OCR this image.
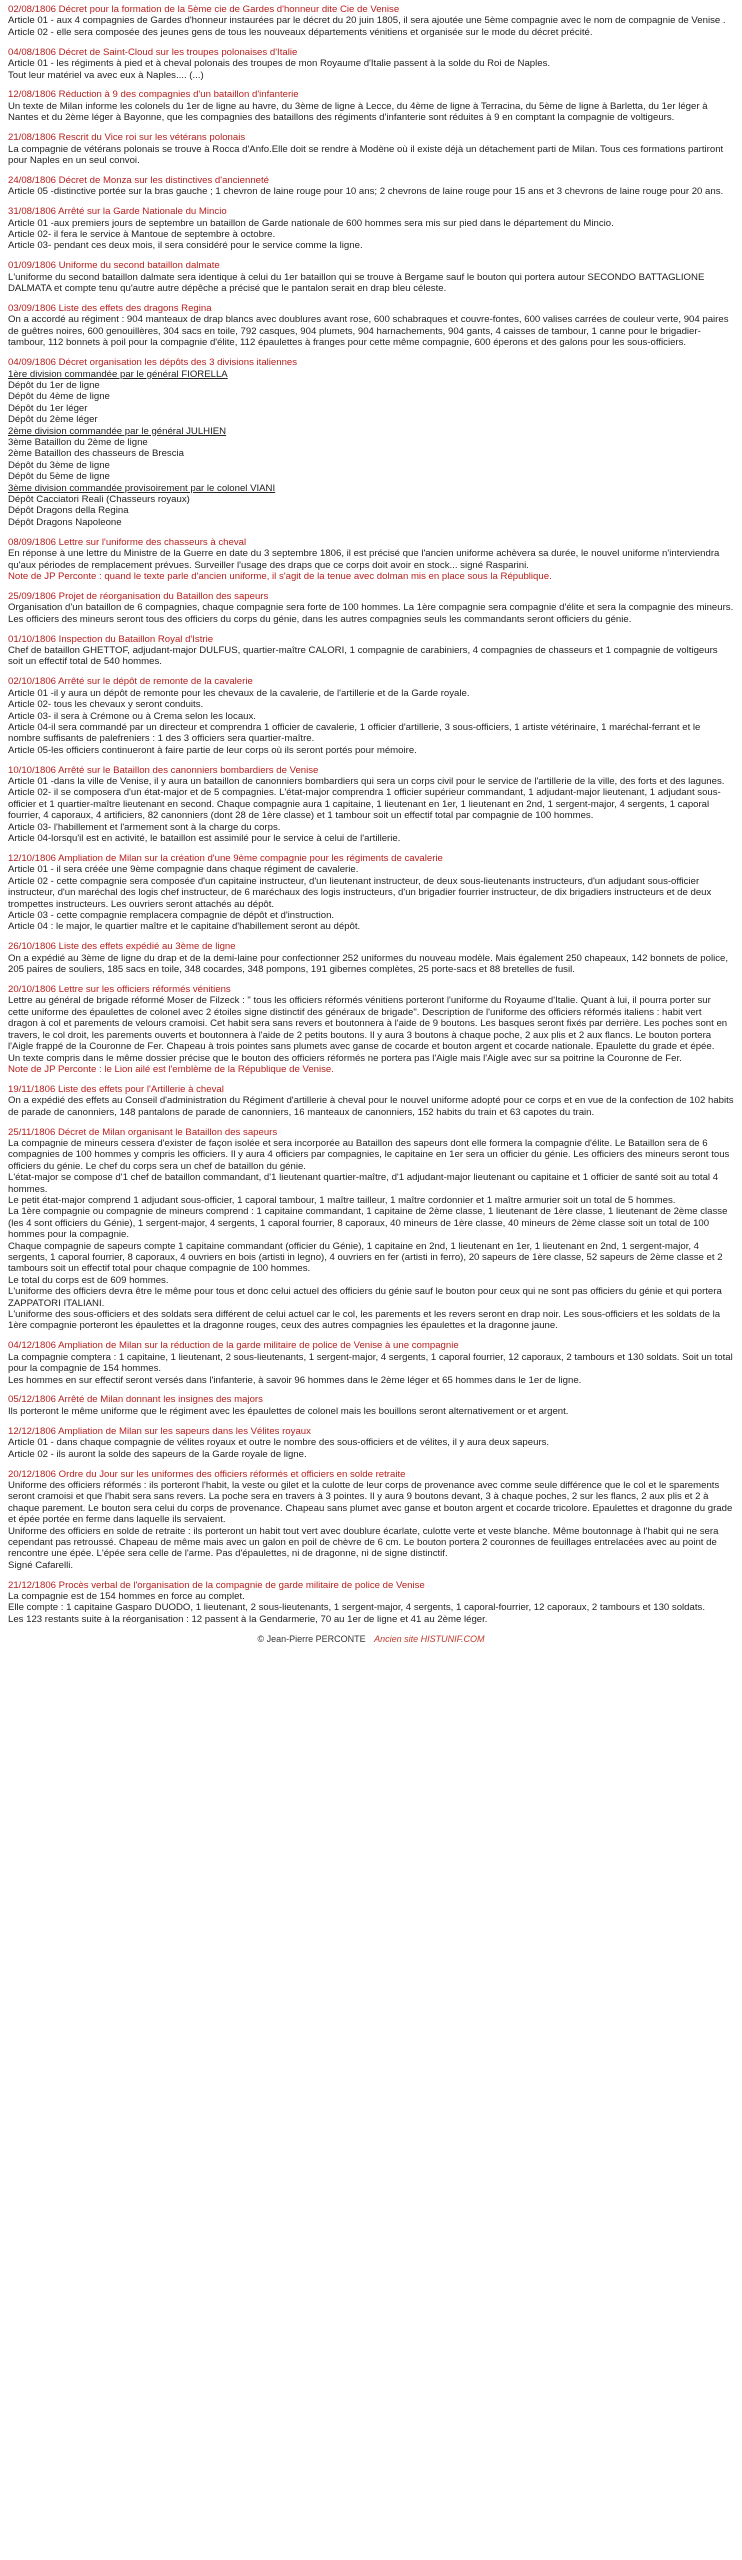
02/08/1806 Décret pour la formation de la 5ème cie de Gardes d'honneur dite Cie de Venise
Article 01 - aux 4 compagnies de Gardes d'honneur instaurées par le décret du 20 juin 1805, il sera ajoutée une 5ème compagnie avec le nom de compagnie de Venise .
Article 02 - elle sera composée des jeunes gens de tous les nouveaux départements vénitiens et organisée sur le mode du décret précité.
04/08/1806 Décret de Saint-Cloud sur les troupes polonaises d'Italie
Article 01 - les régiments à pied et à cheval polonais des troupes de mon Royaume d'Italie passent à la solde du Roi de Naples.
Tout leur matériel va avec eux à Naples.... (...)
12/08/1806 Réduction à 9 des compagnies d'un bataillon d'infanterie
Un texte de Milan informe les colonels du 1er de ligne au havre, du 3ème de ligne à Lecce, du 4ème de ligne à Terracina, du 5ème de ligne à Barletta, du 1er léger à Nantes et du 2ème léger à Bayonne, que les compagnies des bataillons des régiments d'infanterie sont réduites à 9 en comptant la compagnie de voltigeurs.
21/08/1806 Rescrit du Vice roi sur les vétérans polonais
La compagnie de vétérans polonais se trouve à Rocca d'Anfo.Elle doit se rendre à Modène où il existe déjà un détachement parti de Milan. Tous ces formations partiront pour Naples en un seul convoi.
24/08/1806 Décret de Monza sur les distinctives d'ancienneté
Article 05 -distinctive portée sur la bras gauche ; 1 chevron de laine rouge pour 10 ans; 2 chevrons de laine rouge pour 15 ans et 3 chevrons de laine rouge pour 20 ans.
31/08/1806 Arrêté sur la Garde Nationale du Mincio
Article 01 -aux premiers jours de septembre un bataillon de Garde nationale de 600 hommes sera mis sur pied dans le département du Mincio.
Article 02- il fera le service à Mantoue de septembre à octobre.
Article 03- pendant ces deux mois, il sera considéré pour le service comme la ligne.
01/09/1806 Uniforme du second bataillon dalmate
L'uniforme du second bataillon dalmate sera identique à celui du 1er bataillon qui se trouve à Bergame sauf le bouton qui portera autour SECONDO BATTAGLIONE DALMATA et compte tenu qu'autre autre dépêche a précisé que le pantalon serait en drap bleu céleste.
03/09/1806 Liste des effets des dragons Regina
On a accordé au régiment : 904 manteaux de drap blancs avec doublures avant rose, 600 schabraques et couvre-fontes, 600 valises carrées de couleur verte, 904 paires de guêtres noires, 600 genouillères, 304 sacs en toile, 792 casques, 904 plumets, 904 harnachements, 904 gants, 4 caisses de tambour, 1 canne pour le brigadier-tambour, 112 bonnets à poil pour la compagnie d'élite, 112 épaulettes à franges pour cette même compagnie, 600 éperons et des galons pour les sous-officiers.
04/09/1806 Décret organisation les dépôts des 3 divisions italiennes
1ère division commandée par le général FIORELLA
Dépôt du 1er de ligne
Dépôt du 4ème de ligne
Dépôt du 1er léger
Dépôt du 2ème léger
2ème division commandée par le général JULHIEN
3ème Bataillon du 2ème de ligne
2ème Bataillon des chasseurs de Brescia
Dépôt du 3ème de ligne
Dépôt du 5ème de ligne
3ème division commandée provisoirement par le colonel VIANI
Dépôt Cacciatori Reali (Chasseurs royaux)
Dépôt Dragons della Regina
Dépôt Dragons Napoleone
08/09/1806 Lettre sur l'uniforme des chasseurs à cheval
En réponse à une lettre du Ministre de la Guerre en date du 3 septembre 1806, il est précisé que l'ancien uniforme achèvera sa durée, le nouvel uniforme n'interviendra qu'aux périodes de remplacement prévues. Surveiller l'usage des draps que ce corps doit avoir en stock... signé Rasparini.
Note de JP Perconte : quand le texte parle d'ancien uniforme, il s'agit de la tenue avec dolman mis en place sous la République.
25/09/1806 Projet de réorganisation du Bataillon des sapeurs
Organisation d'un bataillon de 6 compagnies, chaque compagnie sera forte de 100 hommes. La 1ère compagnie sera compagnie d'élite et sera la compagnie des mineurs. Les officiers des mineurs seront tous des officiers du corps du génie, dans les autres compagnies seuls les commandants seront officiers du génie.
01/10/1806 Inspection du Bataillon Royal d'Istrie
Chef de bataillon GHETTOF, adjudant-major DULFUS, quartier-maître CALORI, 1 compagnie de carabiniers, 4 compagnies de chasseurs et 1 compagnie de voltigeurs soit un effectif total de 540 hommes.
02/10/1806 Arrêté sur le dépôt de remonte de la cavalerie
Article 01 -il y aura un dépôt de remonte pour les chevaux de la cavalerie, de l'artillerie et de la Garde royale.
Article 02- tous les chevaux y seront conduits.
Article 03- il sera à Crémone ou à Crema selon les locaux.
Article 04-il sera commandé par un directeur et comprendra 1 officier de cavalerie, 1 officier d'artillerie, 3 sous-officiers, 1 artiste vétérinaire, 1 maréchal-ferrant et le nombre suffisants de palefreniers : 1 des 3 officiers sera quartier-maître.
Article 05-les officiers continueront à faire partie de leur corps où ils seront portés pour mémoire.
10/10/1806 Arrêté sur le Bataillon des canonniers bombardiers de Venise
Article 01 -dans la ville de Venise, il y aura un bataillon de canonniers bombardiers qui sera un corps civil pour le service de l'artillerie de la ville, des forts et des lagunes.
Article 02- il se composera d'un état-major et de 5 compagnies. L'état-major comprendra 1 officier supérieur commandant, 1 adjudant-major lieutenant, 1 adjudant sous-officier et 1 quartier-maître lieutenant en second. Chaque compagnie aura 1 capitaine, 1 lieutenant en 1er, 1 lieutenant en 2nd, 1 sergent-major, 4 sergents, 1 caporal fourrier, 4 caporaux, 4 artificiers, 82 canonniers (dont 28 de 1ère classe) et 1 tambour soit un effectif total par compagnie de 100 hommes.
Article 03- l'habillement et l'armement sont à la charge du corps.
Article 04-lorsqu'il est en activité, le bataillon est assimilé pour le service à celui de l'artillerie.
12/10/1806 Ampliation de Milan sur la création d'une 9ème compagnie pour les régiments de cavalerie
Article 01 - il sera créée une 9ème compagnie dans chaque régiment de cavalerie.
Article 02 - cette compagnie sera composée d'un capitaine instructeur, d'un lieutenant instructeur, de deux sous-lieutenants instructeurs, d'un adjudant sous-officier instructeur, d'un maréchal des logis chef instructeur, de 6 maréchaux des logis instructeurs, d'un brigadier fourrier instructeur, de dix brigadiers instructeurs et de deux trompettes instructeurs. Les ouvriers seront attachés au dépôt.
Article 03 - cette compagnie remplacera compagnie de dépôt et d'instruction.
Article 04 : le major, le quartier maître et le capitaine d'habillement seront au dépôt.
26/10/1806 Liste des effets expédié au 3ème de ligne
On a expédié au 3ème de ligne du drap et de la demi-laine pour confectionner 252 uniformes du nouveau modèle. Mais également 250 chapeaux, 142 bonnets de police, 205 paires de souliers, 185 sacs en toile, 348 cocardes, 348 pompons, 191 gibernes complètes, 25 porte-sacs et 88 bretelles de fusil.
20/10/1806 Lettre sur les officiers réformés vénitiens
Lettre au général de brigade réformé Moser de Filzeck : " tous les officiers réformés vénitiens porteront l'uniforme du Royaume d'Italie. Quant à lui, il pourra porter sur cette uniforme des épaulettes de colonel avec 2 étoiles signe distinctif des généraux de brigade". Description de l'uniforme des officiers réformés italiens : habit vert dragon à col et parements de velours cramoisi. Cet habit sera sans revers et boutonnera à l'aide de 9 boutons. Les basques seront fixés par derrière. Les poches sont en travers, le col droit, les parements ouverts et boutonnera à l'aide de 2 petits boutons. Il y aura 3 boutons à chaque poche, 2 aux plis et 2 aux flancs. Le bouton portera l'Aigle frappé de la Couronne de Fer. Chapeau à trois pointes sans plumets avec ganse de cocarde et bouton argent et cocarde nationale. Epaulette du grade et épée.
Un texte compris dans le même dossier précise que le bouton des officiers réformés ne portera pas l'Aigle mais l'Aigle avec sur sa poitrine la Couronne de Fer.
Note de JP Perconte : le Lion ailé est l'emblème de la République de Venise.
19/11/1806 Liste des effets pour l'Artillerie à cheval
On a expédié des effets au Conseil d'administration du Régiment d'artillerie à cheval pour le nouvel uniforme adopté pour ce corps et en vue de la confection de 102 habits de parade de canonniers, 148 pantalons de parade de canonniers, 16 manteaux de canonniers, 152 habits du train et 63 capotes du train.
25/11/1806 Décret de Milan organisant le Bataillon des sapeurs
La compagnie de mineurs cessera d'exister de façon isolée et sera incorporée au Bataillon des sapeurs dont elle formera la compagnie d'élite. Le Bataillon sera de 6 compagnies de 100 hommes y compris les officiers. Il y aura 4 officiers par compagnies, le capitaine en 1er sera un officier du génie. Les officiers des mineurs seront tous officiers du génie. Le chef du corps sera un chef de bataillon du génie.
L'état-major se compose d'1 chef de bataillon commandant, d'1 lieutenant quartier-maître, d'1 adjudant-major lieutenant ou capitaine et 1 officier de santé soit au total 4 hommes.
Le petit état-major comprend 1 adjudant sous-officier, 1 caporal tambour, 1 maître tailleur, 1 maître cordonnier et 1 maître armurier soit un total de 5 hommes.
La 1ère compagnie ou compagnie de mineurs comprend : 1 capitaine commandant, 1 capitaine de 2ème classe, 1 lieutenant de 1ère classe, 1 lieutenant de 2ème classe (les 4 sont officiers du Génie), 1 sergent-major, 4 sergents, 1 caporal fourrier, 8 caporaux, 40 mineurs de 1ère classe, 40 mineurs de 2ème classe soit un total de 100 hommes pour la compagnie.
Chaque compagnie de sapeurs compte 1 capitaine commandant (officier du Génie), 1 capitaine en 2nd, 1 lieutenant en 1er, 1 lieutenant en 2nd, 1 sergent-major, 4 sergents, 1 caporal fourrier, 8 caporaux, 4 ouvriers en bois (artisti in legno), 4 ouvriers en fer (artisti in ferro), 20 sapeurs de 1ère classe, 52 sapeurs de 2ème classe et 2 tambours soit un effectif total pour chaque compagnie de 100 hommes.
Le total du corps est de 609 hommes.
L'uniforme des officiers devra être le même pour tous et donc celui actuel des officiers du génie sauf le bouton pour ceux qui ne sont pas officiers du génie et qui portera ZAPPATORI ITALIANI.
L'uniforme des sous-officiers et des soldats sera différent de celui actuel car le col, les parements et les revers seront en drap noir. Les sous-officiers et les soldats de la 1ère compagnie porteront les épaulettes et la dragonne rouges, ceux des autres compagnies les épaulettes et la dragonne jaune.
04/12/1806 Ampliation de Milan sur la réduction de la garde militaire de police de Venise à une compagnie
La compagnie comptera : 1 capitaine, 1 lieutenant, 2 sous-lieutenants, 1 sergent-major, 4 sergents, 1 caporal fourrier, 12 caporaux, 2 tambours et 130 soldats. Soit un total pour la compagnie de 154 hommes.
Les hommes en sur effectif seront versés dans l'infanterie, à savoir 96 hommes dans le 2ème léger et 65 hommes dans le 1er de ligne.
05/12/1806 Arrêté de Milan donnant les insignes des majors
Ils porteront le même uniforme que le régiment avec les épaulettes de colonel mais les bouillons seront alternativement or et argent.
12/12/1806 Ampliation de Milan sur les sapeurs dans les Vélites royaux
Article 01 - dans chaque compagnie de vélites royaux et outre le nombre des sous-officiers et de vélites, il y aura deux sapeurs.
Article 02 - ils auront la solde des sapeurs de la Garde royale de ligne.
20/12/1806 Ordre du Jour sur les uniformes des officiers réformés et officiers en solde retraite
Uniforme des officiers réformés : ils porteront l'habit, la veste ou gilet et la culotte de leur corps de provenance avec comme seule différence que le col et le sparements seront cramoisi et que l'habit sera sans revers. La poche sera en travers à 3 pointes. Il y aura 9 boutons devant, 3 à chaque poches, 2 sur les flancs, 2 aux plis et 2 à chaque parement. Le bouton sera celui du corps de provenance. Chapeau sans plumet avec ganse et bouton argent et cocarde tricolore. Epaulettes et dragonne du grade et épée portée en ferme dans laquelle ils servaient.
Uniforme des officiers en solde de retraite : ils porteront un habit tout vert avec doublure écarlate, culotte verte et veste blanche. Même boutonnage à l'habit qui ne sera cependant pas retroussé. Chapeau de même mais avec un galon en poil de chèvre de 6 cm. Le bouton portera 2 couronnes de feuillages entrelacées avec au point de rencontre une épée. L'épée sera celle de l'arme. Pas d'épaulettes, ni de dragonne, ni de signe distinctif.
Signé Cafarelli.
21/12/1806 Procès verbal de l'organisation de la compagnie de garde militaire de police de Venise
La compagnie est de 154 hommes en force au complet.
Elle compte : 1 capitaine Gasparo DUODO, 1 lieutenant, 2 sous-lieutenants, 1 sergent-major, 4 sergents, 1 caporal-fourrier, 12 caporaux, 2 tambours et 130 soldats.
Les 123 restants suite à la réorganisation : 12 passent à la Gendarmerie, 70 au 1er de ligne et 41 au 2ème léger.
© Jean-Pierre PERCONTE Ancien site HISTUNIF.COM
